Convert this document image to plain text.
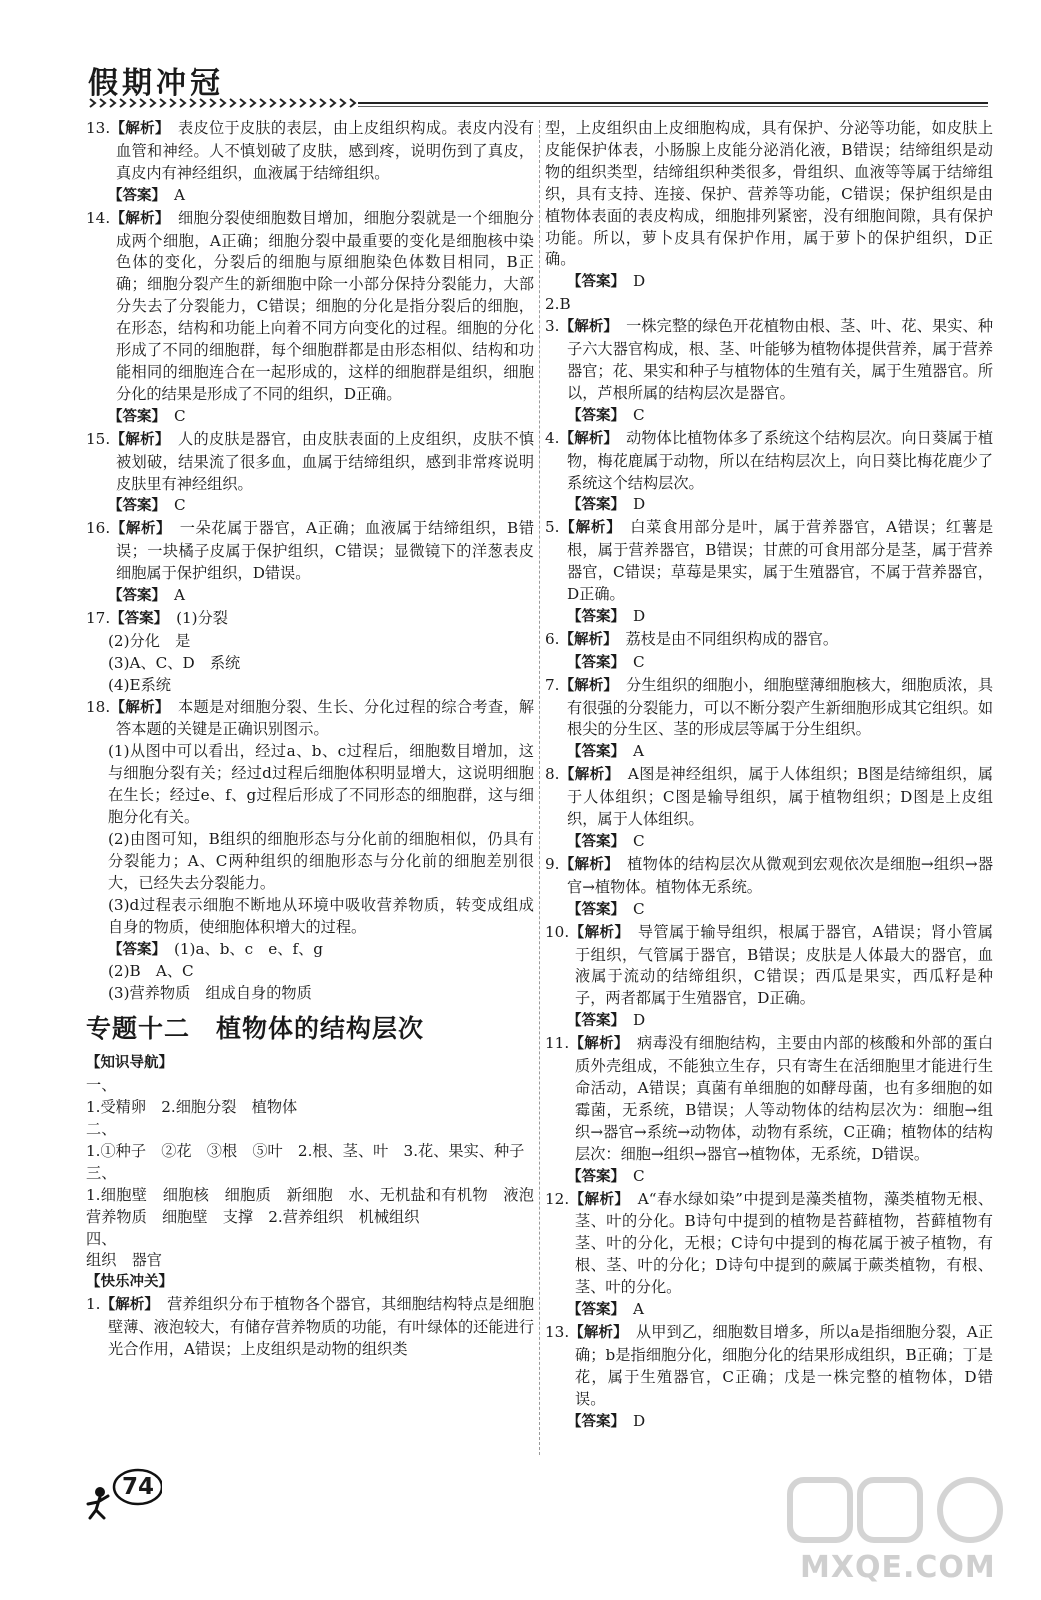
假期冲冠

13.【解析】　 表皮位于皮肤的表层，由上皮组织构成。表皮内没有血管和神经。人不慎划破了皮肤，感到疼，说明伤到了真皮，真皮内有神经组织，血液属于结缔组织。

【答案】　 A

14.【解析】　 细胞分裂使细胞数目增加，细胞分裂就是一个细胞分成两个细胞，A正确；细胞分裂中最重要的变化是细胞核中染色体的变化，分裂后的细胞与原细胞染色体数目相同，B正确；细胞分裂产生的新细胞中除一小部分保持分裂能力，大部分失去了分裂能力，C错误；细胞的分化是指分裂后的细胞，在形态，结构和功能上向着不同方向变化的过程。细胞的分化形成了不同的细胞群，每个细胞群都是由形态相似、结构和功能相同的细胞连合在一起形成的，这样的细胞群是组织，细胞分化的结果是形成了不同的组织，D正确。

【答案】　 C

15.【解析】　 人的皮肤是器官，由皮肤表面的上皮组织，皮肤不慎被划破，结果流了很多血，血属于结缔组织，感到非常疼说明皮肤里有神经组织。

【答案】　 C

16.【解析】　 一朵花属于器官，A正确；血液属于结缔组织，B错误；一块橘子皮属于保护组织，C错误；显微镜下的洋葱表皮细胞属于保护组织，D错误。

【答案】　 A

17.【答案】　 (1)分裂

(2)分化　是

(3)A、C、D　系统

(4)E系统

18.【解析】　 本题是对细胞分裂、生长、分化过程的综合考查，解答本题的关键是正确识别图示。

(1)从图中可以看出，经过a、b、c过程后，细胞数目增加，这与细胞分裂有关；经过d过程后细胞体积明显增大，这说明细胞在生长；经过e、f、g过程后形成了不同形态的细胞群，这与细胞分化有关。

(2)由图可知，B组织的细胞形态与分化前的细胞相似，仍具有分裂能力；A、C两种组织的细胞形态与分化前的细胞差别很大，已经失去分裂能力。

(3)d过程表示细胞不断地从环境中吸收营养物质，转变成组成自身的物质，使细胞体积增大的过程。

【答案】　 (1)a、b、c　e、f、g

(2)B　A、C

(3)营养物质　组成自身的物质

专题十二　植物体的结构层次

【知识导航】

一、

1.受精卵　2.细胞分裂　植物体

二、

1.①种子　②花　③根　⑤叶　2.根、茎、叶　3.花、果实、种子

三、

1.细胞壁　细胞核　细胞质　新细胞　水、无机盐和有机物　液泡　营养物质　细胞壁　支撑　2.营养组织　机械组织

四、

组织　器官

【快乐冲关】

1.【解析】　 营养组织分布于植物各个器官，其细胞结构特点是细胞壁薄、液泡较大，有储存营养物质的功能，有叶绿体的还能进行光合作用，A错误；上皮组织是动物的组织类

型，上皮组织由上皮细胞构成，具有保护、分泌等功能，如皮肤上皮能保护体表，小肠腺上皮能分泌消化液，B错误；结缔组织是动物的组织类型，结缔组织种类很多，骨组织、血液等等属于结缔组织，具有支持、连接、保护、营养等功能，C错误；保护组织是由植物体表面的表皮构成，细胞排列紧密，没有细胞间隙，具有保护功能。所以，萝卜皮具有保护作用，属于萝卜的保护组织，D正确。

【答案】　 D

2.B

3.【解析】　 一株完整的绿色开花植物由根、茎、叶、花、果实、种子六大器官构成，根、茎、叶能够为植物体提供营养，属于营养器官；花、果实和种子与植物体的生殖有关，属于生殖器官。所以，芦根所属的结构层次是器官。

【答案】　 C

4.【解析】　 动物体比植物体多了系统这个结构层次。向日葵属于植物，梅花鹿属于动物，所以在结构层次上，向日葵比梅花鹿少了系统这个结构层次。

【答案】　 D

5.【解析】　 白菜食用部分是叶，属于营养器官，A错误；红薯是根，属于营养器官，B错误；甘蔗的可食用部分是茎，属于营养器官，C错误；草莓是果实，属于生殖器官，不属于营养器官，D正确。

【答案】　 D

6.【解析】　 荔枝是由不同组织构成的器官。

【答案】　 C

7.【解析】　 分生组织的细胞小，细胞壁薄细胞核大，细胞质浓，具有很强的分裂能力，可以不断分裂产生新细胞形成其它组织。如根尖的分生区、茎的形成层等属于分生组织。

【答案】　 A

8.【解析】　 A图是神经组织，属于人体组织；B图是结缔组织，属于人体组织；C图是输导组织，属于植物组织；D图是上皮组织，属于人体组织。

【答案】　 C

9.【解析】　 植物体的结构层次从微观到宏观依次是细胞→组织→器官→植物体。植物体无系统。

【答案】　 C

10.【解析】　 导管属于输导组织，根属于器官，A错误；肾小管属于组织，气管属于器官，B错误；皮肤是人体最大的器官，血液属于流动的结缔组织，C错误；西瓜是果实，西瓜籽是种子，两者都属于生殖器官，D正确。

【答案】　 D

11.【解析】　 病毒没有细胞结构，主要由内部的核酸和外部的蛋白质外壳组成，不能独立生存，只有寄生在活细胞里才能进行生命活动，A错误；真菌有单细胞的如酵母菌，也有多细胞的如霉菌，无系统，B错误；人等动物体的结构层次为：细胞→组织→器官→系统→动物体，动物有系统，C正确；植物体的结构层次：细胞→组织→器官→植物体，无系统，D错误。

【答案】　 C

12.【解析】　 A“春水绿如染”中提到是藻类植物，藻类植物无根、茎、叶的分化。B诗句中提到的植物是苔藓植物，苔藓植物有茎、叶的分化，无根；C诗句中提到的梅花属于被子植物，有根、茎、叶的分化；D诗句中提到的蕨属于蕨类植物，有根、茎、叶的分化。

【答案】　 A

13.【解析】　 从甲到乙，细胞数目增多，所以a是指细胞分裂，A正确；b是指细胞分化，细胞分化的结果形成组织，B正确；丁是花，属于生殖器官，C正确；戊是一株完整的植物体，D错误。

【答案】　 D

74
MXQE.COM
